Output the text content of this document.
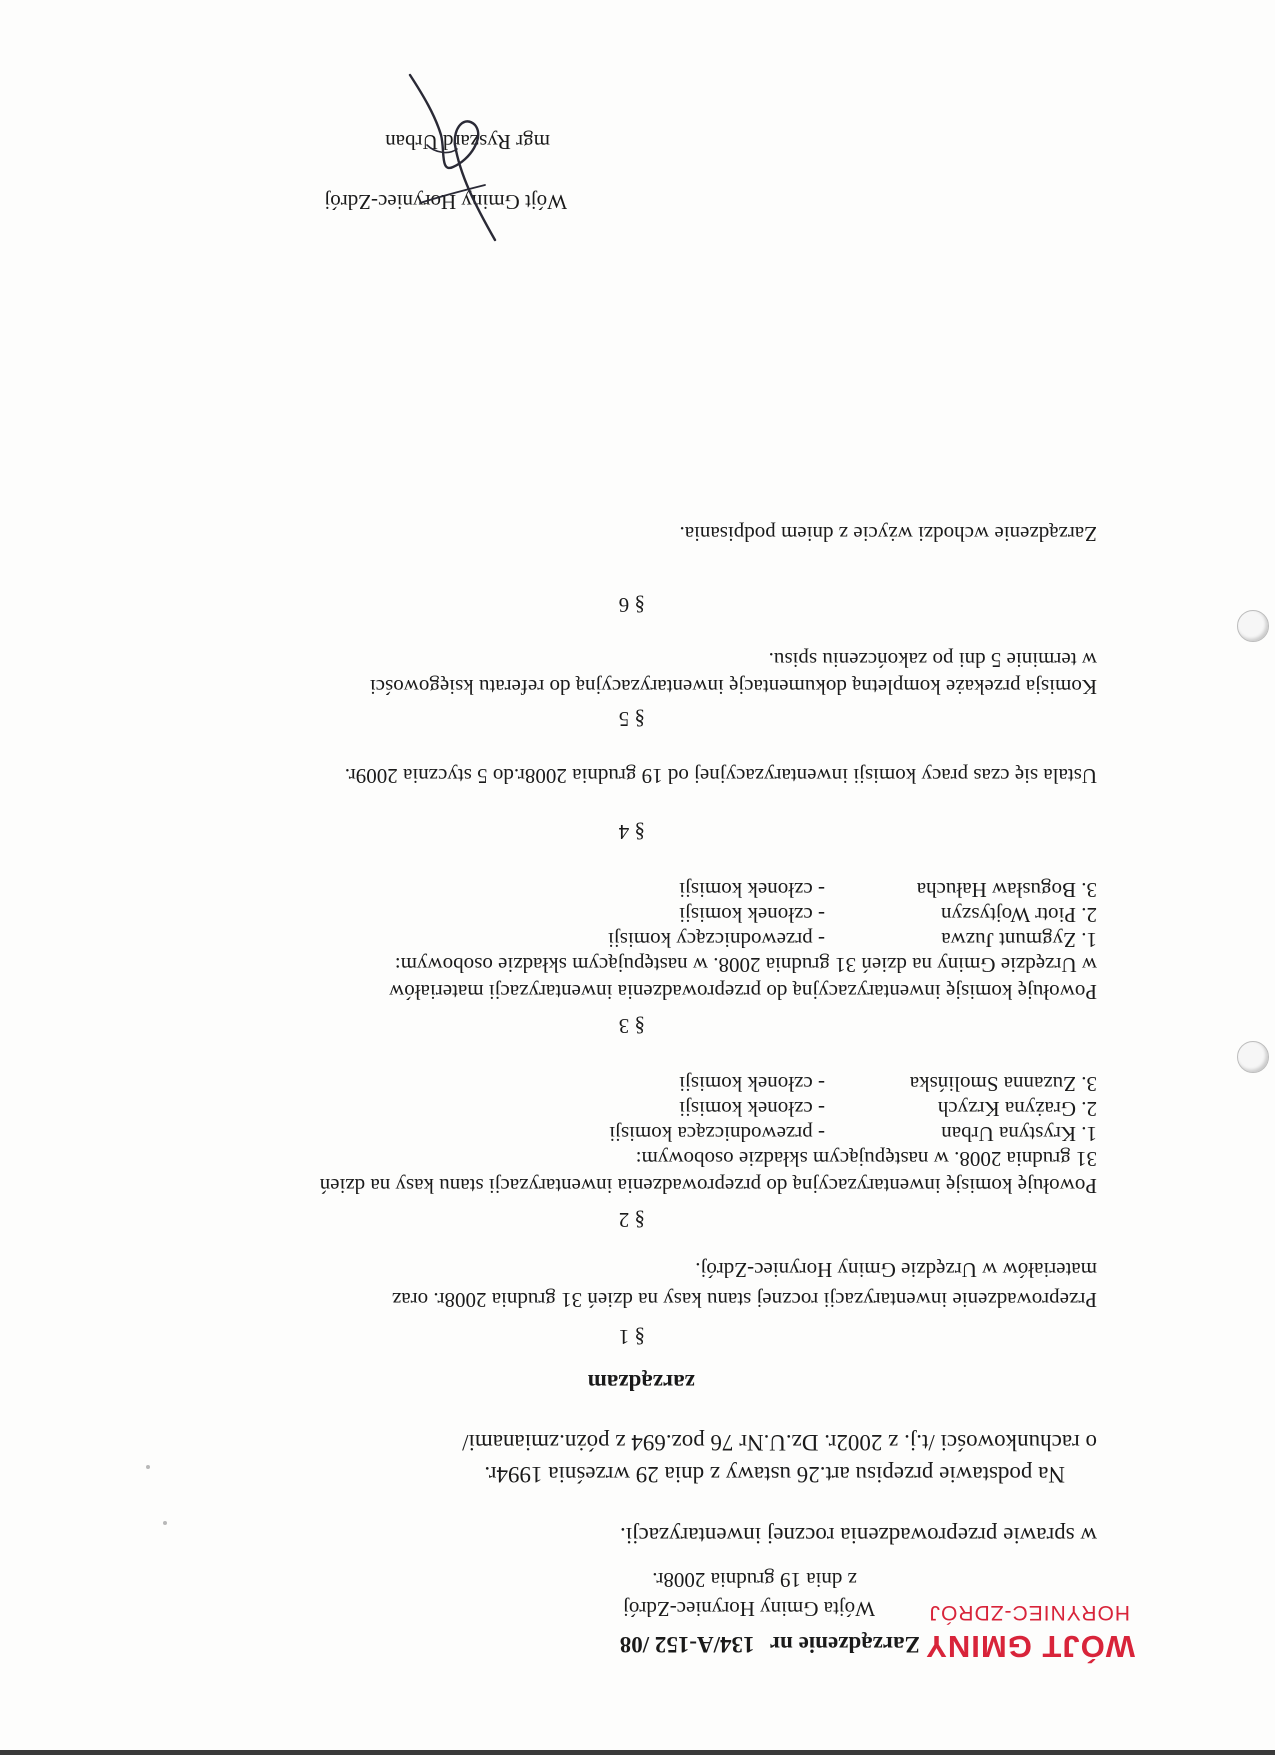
WÓJT GMINY
HORYNIEC-ZDRÓJ
Zarządzenie nr 134/A-152 /08
Wójta Gminy Horyniec-Zdrój
z dnia 19 grudnia 2008r.
w sprawie przeprowadzenia rocznej inwentaryzacji.
Na podstawie przepisu art.26 ustawy z dnia 29 września 1994r.
o rachunkowości /t.j. z 2002r. Dz.U.Nr 76 poz.694 z póżn.zmianami/
zarządzam
§ 1
Przeprowadzenie inwentaryzacji rocznej stanu kasy na dzień 31 grudnia 2008r. oraz
materiałów w Urzędzie Gminy Horyniec-Zdrój.
§ 2
Powołuję komisję inwentaryzacyjną do przeprowadzenia inwentaryzacji stanu kasy na dzień
31 grudnia 2008. w następującym składzie osobowym:
1. Krystyna Urban
- przewodnicząca komisji
2. Grażyna Krzych
- członek komisji
3. Zuzanna Smolińska
- członek komisji
§ 3
Powołuję komisję inwentaryzacyjną do przeprowadzenia inwentaryzacji materiałów
w Urzędzie Gminy na dzień 31 grudnia 2008. w następującym składzie osobowym:
1. Zygmunt Juzwa
- przewodniczący komisji
2. Piotr Wojtyszyn
- członek komisji
3. Bogusław Hałucha
- członek komisji
§ 4
Ustala się czas pracy komisji inwentaryzacyjnej od 19 grudnia 2008r.do 5 stycznia 2009r.
§ 5
Komisja przekaże kompletną dokumentację inwentaryzacyjną do referatu księgowości
w terminie 5 dni po zakończeniu spisu.
§ 6
Zarządzenie wchodzi wżycie z dniem podpisania.
Wójt Gminy Horyniec-Zdrój
mgr Ryszard Urban
